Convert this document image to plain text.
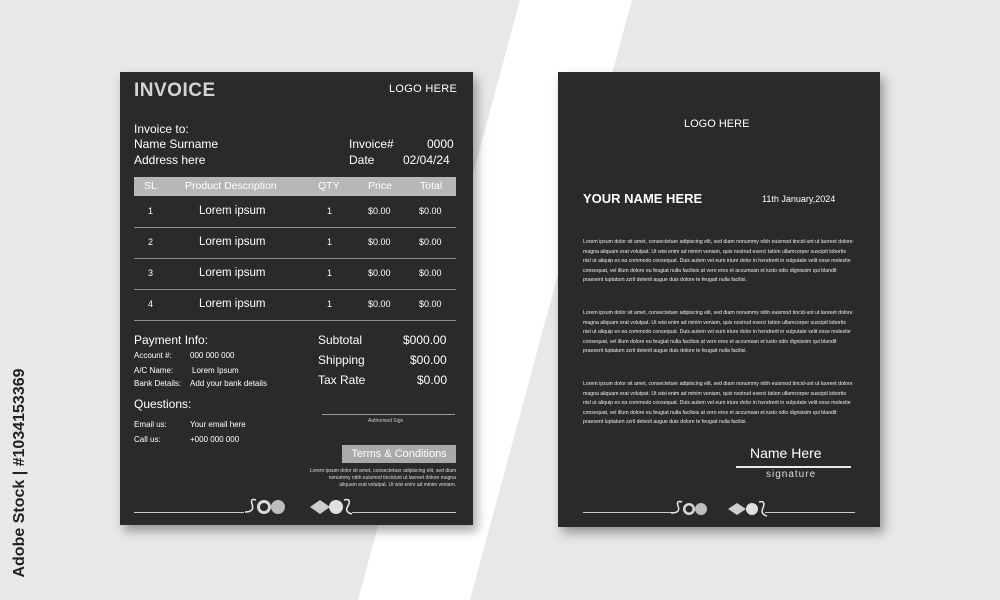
Adobe Stock | #1034153369
INVOICE	LOGO HERE
Invoice to:
Name Surname
Address here
Invoice#	0000
Date 02/04/24
SL	Product Description	QTY	Price	Total
1	Lorem ipsum	1	$0.00	$0.00
2	Lorem ipsum	1	$0.00	$0.00
3	Lorem ipsum	1	$0.00	$0.00
4	Lorem ipsum	1	$0.00	$0.00
Payment Info:
Account #: 000 000 000
A/C Name: Lorem Ipsum
Bank Details: Add your bank details
Subtotal	$000.00
Shipping	$00.00
Tax Rate	$0.00
Questions:
Email us:	Your email here
Call us:	+000 000 000
Authorised Sign
Terms & Conditions
Lorem ipsum dolor sit amet, consectetuer adipiscing elit, sed diam
nonummy nibh euismod tincidunt ut laoreet dolore magna
aliquam erat volutpat. Ut wisi enim ad minim veniam.
LOGO HERE
YOUR NAME HERE	11th January,2024
Lorem ipsum dolor sit amet, consectetuer adipiscing elit, sed diam nonummy nibh euismod tincid-unt ut laoreet dolore magna aliquam erat volutpat. Ut wisi enim ad minim veniam, quis nostrud exerci tation ullamcorper suscipit lobortis nisl ut aliquip ex ea commodo consequat. Duis autem vel eum iriure dolor in hendrerit in vulputate velit esse molestie consequat, vel illum dolore eu feugiat nulla facilisis at vero eros et accumsan et iusto odio dignissim qui blandit praesent luptatum zzril delenit augue duis dolore te feugait nulla facilisi.
Lorem ipsum dolor sit amet, consectetuer adipiscing elit, sed diam nonummy nibh euismod tincid-unt ut laoreet dolore magna aliquam erat volutpat. Ut wisi enim ad minim veniam, quis nostrud exerci tation ullamcorper suscipit lobortis nisl ut aliquip ex ea commodo consequat. Duis autem vel eum iriure dolor in hendrerit in vulputate velit esse molestie consequat, vel illum dolore eu feugiat nulla facilisis at vero eros et accumsan et iusto odio dignissim qui blandit praesent luptatum zzril delenit augue duis dolore te feugait nulla facilisi.
Lorem ipsum dolor sit amet, consectetuer adipiscing elit, sed diam nonummy nibh euismod tincid-unt ut laoreet dolore magna aliquam erat volutpat. Ut wisi enim ad minim veniam, quis nostrud exerci tation ullamcorper suscipit lobortis nisl ut aliquip ex ea commodo consequat. Duis autem vel eum iriure dolor in hendrerit in vulputate velit esse molestie consequat, vel illum dolore eu feugiat nulla facilisis at vero eros et accumsan et iusto odio dignissim qui blandit praesent luptatum zzril delenit augue duis dolore te feugait nulla facilisi.
Name Here
signature
